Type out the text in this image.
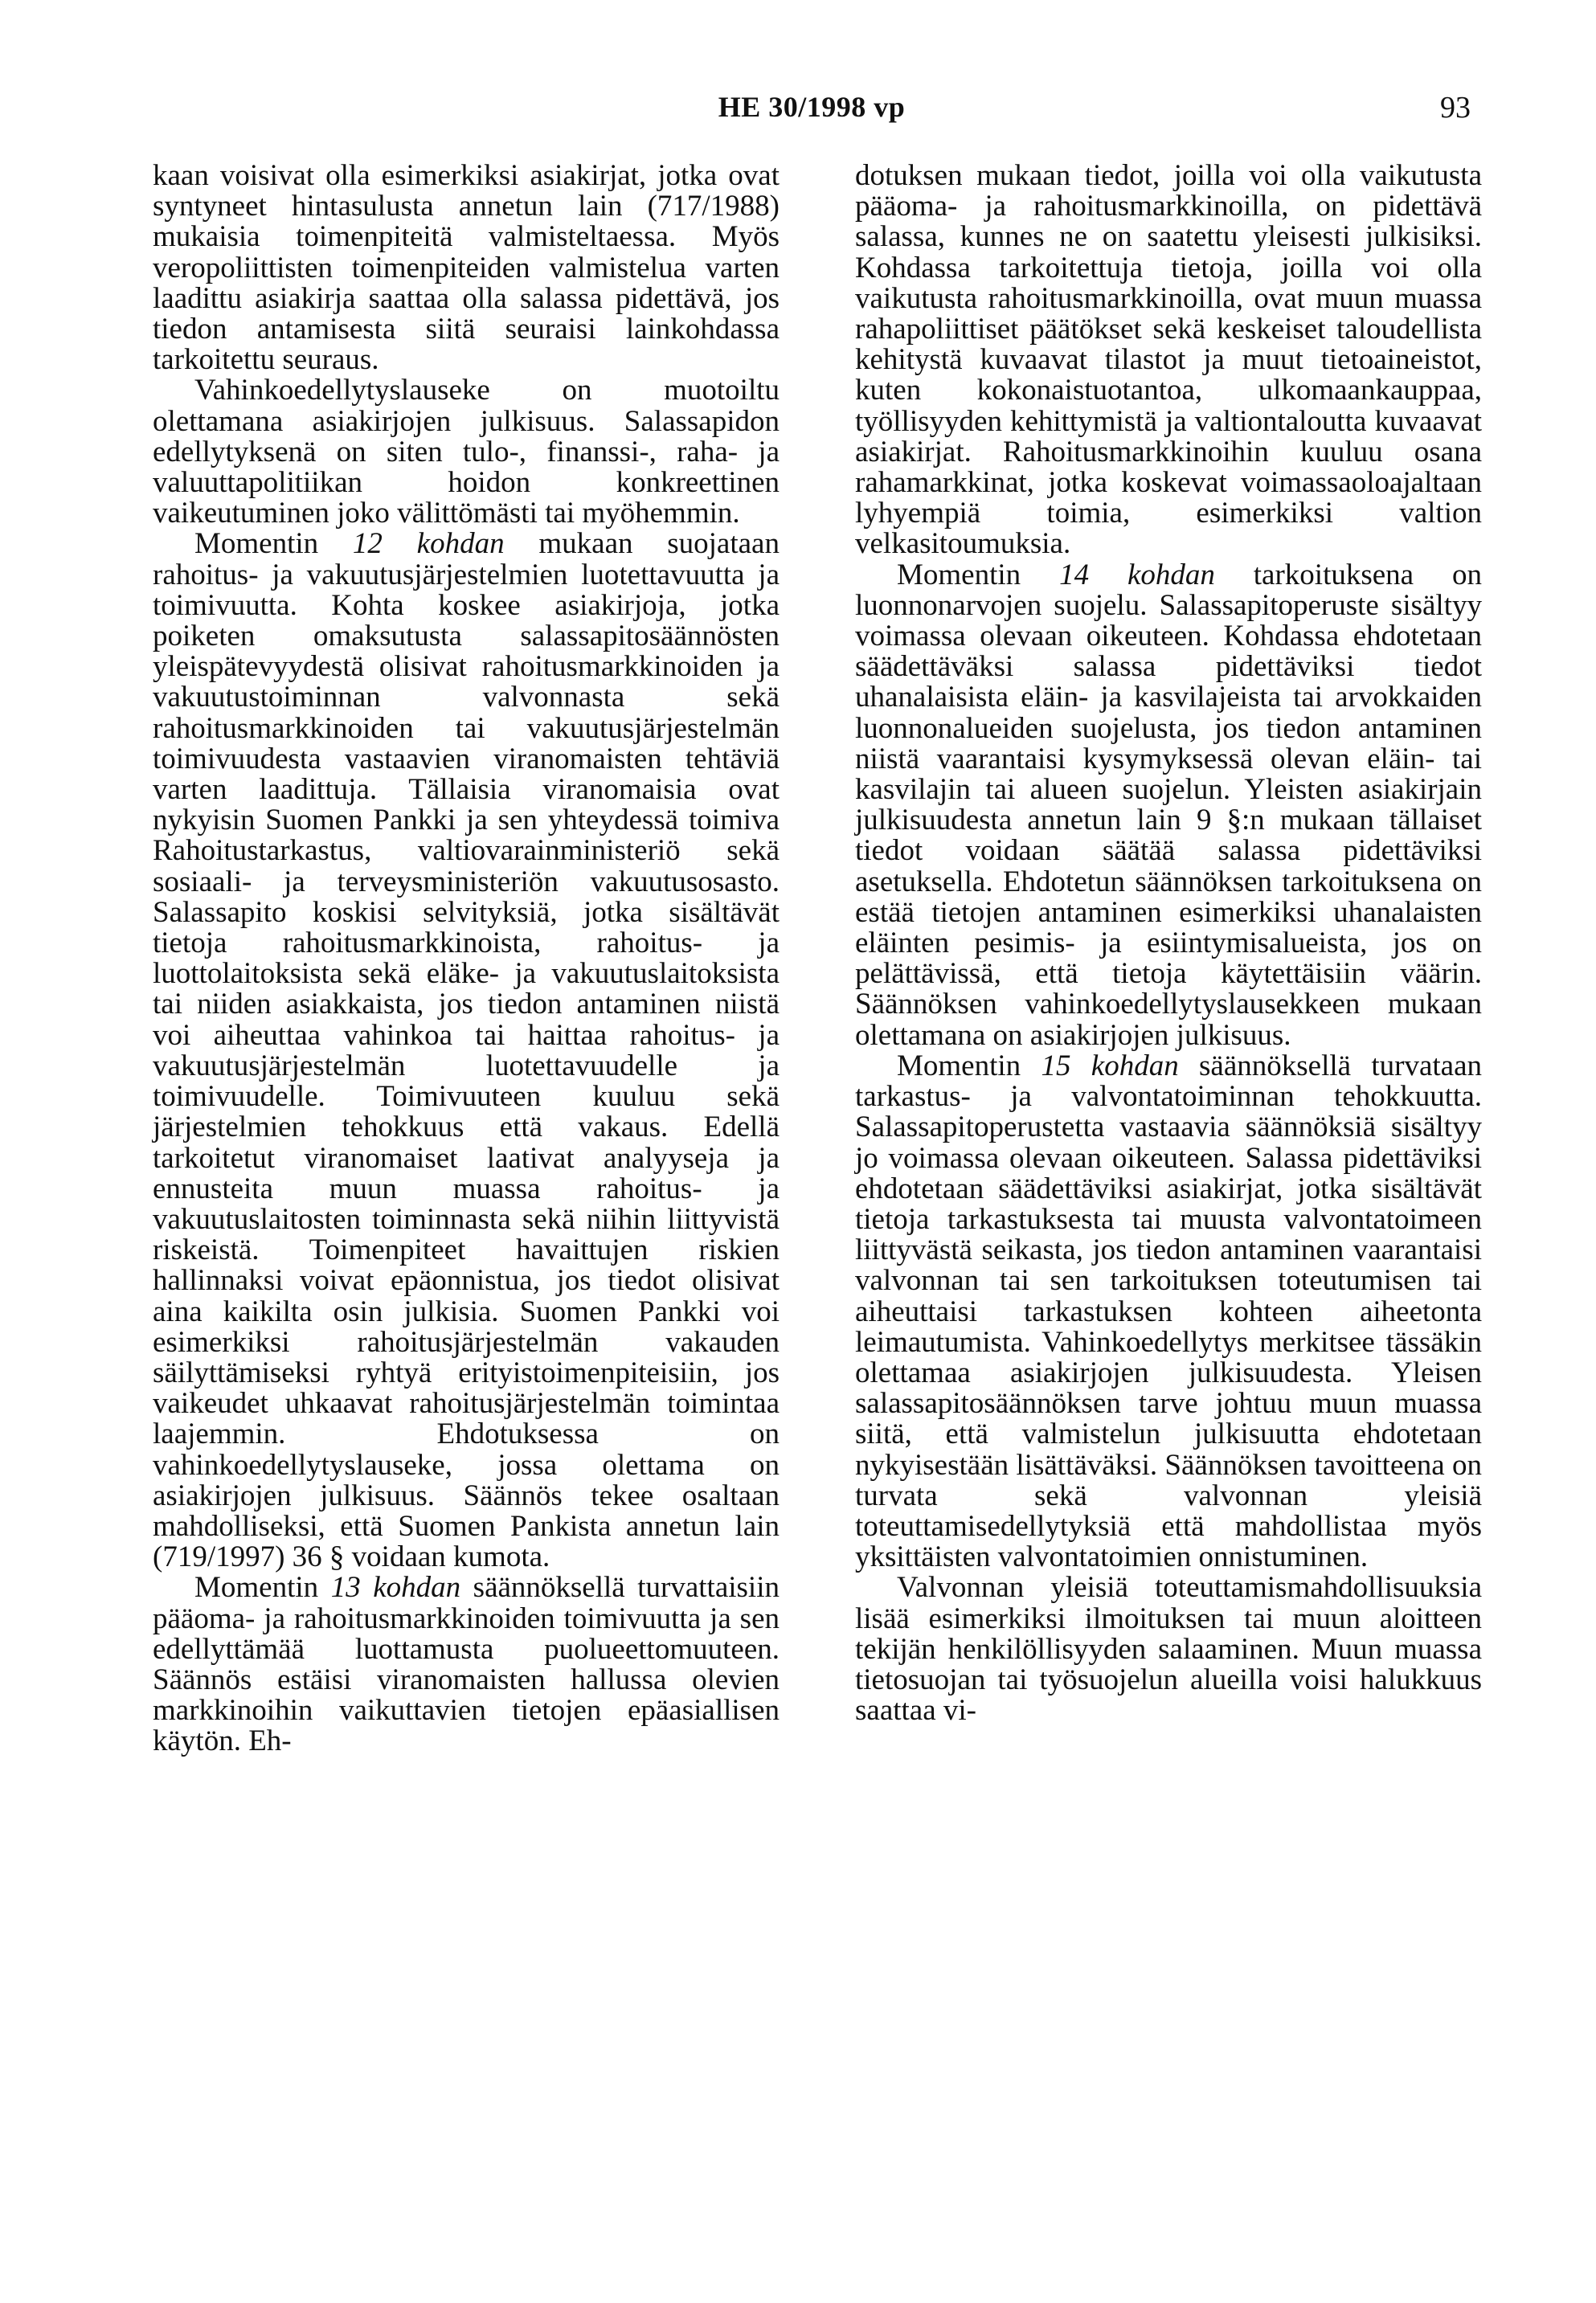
HE 30/1998 vp	93

kaan voisivat olla esimerkiksi asiakirjat, jotka ovat syntyneet hintasulusta annetun lain (717/1988) mukaisia toimenpiteitä valmisteltaessa. Myös veropoliittisten toimenpiteiden valmistelua varten laadittu asiakirja saattaa olla salassa pidettävä, jos tiedon antamisesta siitä seuraisi lainkohdassa tarkoitettu seuraus.

Vahinkoedellytyslauseke on muotoiltu olettamana asiakirjojen julkisuus. Salassapidon edellytyksenä on siten tulo-, finanssi-, raha- ja valuuttapolitiikan hoidon konkreettinen vaikeutuminen joko välittömästi tai myöhemmin.

Momentin 12 kohdan mukaan suojataan rahoitus- ja vakuutusjärjestelmien luotettavuutta ja toimivuutta. Kohta koskee asiakirjoja, jotka poiketen omaksutusta salassapitosäännösten yleispätevyydestä olisivat rahoitusmarkkinoiden ja vakuutustoiminnan valvonnasta sekä rahoitusmarkkinoiden tai vakuutusjärjestelmän toimivuudesta vastaavien viranomaisten tehtäviä varten laadittuja. Tällaisia viranomaisia ovat nykyisin Suomen Pankki ja sen yhteydessä toimiva Rahoitustarkastus, valtiovarainministeriö sekä sosiaali- ja terveysministeriön vakuutusosasto. Salassapito koskisi selvityksiä, jotka sisältävät tietoja rahoitusmarkkinoista, rahoitus- ja luottolaitoksista sekä eläke- ja vakuutuslaitoksista tai niiden asiakkaista, jos tiedon antaminen niistä voi aiheuttaa vahinkoa tai haittaa rahoitus- ja vakuutusjärjestelmän luotettavuudelle ja toimivuudelle. Toimivuuteen kuuluu sekä järjestelmien tehokkuus että vakaus. Edellä tarkoitetut viranomaiset laativat analyyseja ja ennusteita muun muassa rahoitus- ja vakuutuslaitosten toiminnasta sekä niihin liittyvistä riskeistä. Toimenpiteet havaittujen riskien hallinnaksi voivat epäonnistua, jos tiedot olisivat aina kaikilta osin julkisia. Suomen Pankki voi esimerkiksi rahoitusjärjestelmän vakauden säilyttämiseksi ryhtyä erityistoimenpiteisiin, jos vaikeudet uhkaavat rahoitusjärjestelmän toimintaa laajemmin. Ehdotuksessa on vahinkoedellytyslauseke, jossa olettama on asiakirjojen julkisuus. Säännös tekee osaltaan mahdolliseksi, että Suomen Pankista annetun lain (719/1997) 36 § voidaan kumota.

Momentin 13 kohdan säännöksellä turvattaisiin pääoma- ja rahoitusmarkkinoiden toimivuutta ja sen edellyttämää luottamusta puolueettomuuteen. Säännös estäisi viranomaisten hallussa olevien markkinoihin vaikuttavien tietojen epäasiallisen käytön. Eh-

dotuksen mukaan tiedot, joilla voi olla vaikutusta pääoma- ja rahoitusmarkkinoilla, on pidettävä salassa, kunnes ne on saatettu yleisesti julkisiksi. Kohdassa tarkoitettuja tietoja, joilla voi olla vaikutusta rahoitusmarkkinoilla, ovat muun muassa rahapoliittiset päätökset sekä keskeiset taloudellista kehitystä kuvaavat tilastot ja muut tietoaineistot, kuten kokonaistuotantoa, ulkomaankauppaa, työllisyyden kehittymistä ja valtiontaloutta kuvaavat asiakirjat. Rahoitusmarkkinoihin kuuluu osana rahamarkkinat, jotka koskevat voimassaoloajaltaan lyhyempiä toimia, esimerkiksi valtion velkasitoumuksia.

Momentin 14 kohdan tarkoituksena on luonnonarvojen suojelu. Salassapitoperuste sisältyy voimassa olevaan oikeuteen. Kohdassa ehdotetaan säädettäväksi salassa pidettäviksi tiedot uhanalaisista eläin- ja kasvilajeista tai arvokkaiden luonnonalueiden suojelusta, jos tiedon antaminen niistä vaarantaisi kysymyksessä olevan eläin- tai kasvilajin tai alueen suojelun. Yleisten asiakirjain julkisuudesta annetun lain 9 §:n mukaan tällaiset tiedot voidaan säätää salassa pidettäviksi asetuksella. Ehdotetun säännöksen tarkoituksena on estää tietojen antaminen esimerkiksi uhanalaisten eläinten pesimis- ja esiintymisalueista, jos on pelättävissä, että tietoja käytettäisiin väärin. Säännöksen vahinkoedellytyslausekkeen mukaan olettamana on asiakirjojen julkisuus.

Momentin 15 kohdan säännöksellä turvataan tarkastus- ja valvontatoiminnan tehokkuutta. Salassapitoperustetta vastaavia säännöksiä sisältyy jo voimassa olevaan oikeuteen. Salassa pidettäviksi ehdotetaan säädettäviksi asiakirjat, jotka sisältävät tietoja tarkastuksesta tai muusta valvontatoimeen liittyvästä seikasta, jos tiedon antaminen vaarantaisi valvonnan tai sen tarkoituksen toteutumisen tai aiheuttaisi tarkastuksen kohteen aiheetonta leimautumista. Vahinkoedellytys merkitsee tässäkin olettamaa asiakirjojen julkisuudesta. Yleisen salassapitosäännöksen tarve johtuu muun muassa siitä, että valmistelun julkisuutta ehdotetaan nykyisestään lisättäväksi. Säännöksen tavoitteena on turvata sekä valvonnan yleisiä toteuttamisedellytyksiä että mahdollistaa myös yksittäisten valvontatoimien onnistuminen.

Valvonnan yleisiä toteuttamismahdollisuuksia lisää esimerkiksi ilmoituksen tai muun aloitteen tekijän henkilöllisyyden salaaminen. Muun muassa tietosuojan tai työsuojelun alueilla voisi halukkuus saattaa vi-
